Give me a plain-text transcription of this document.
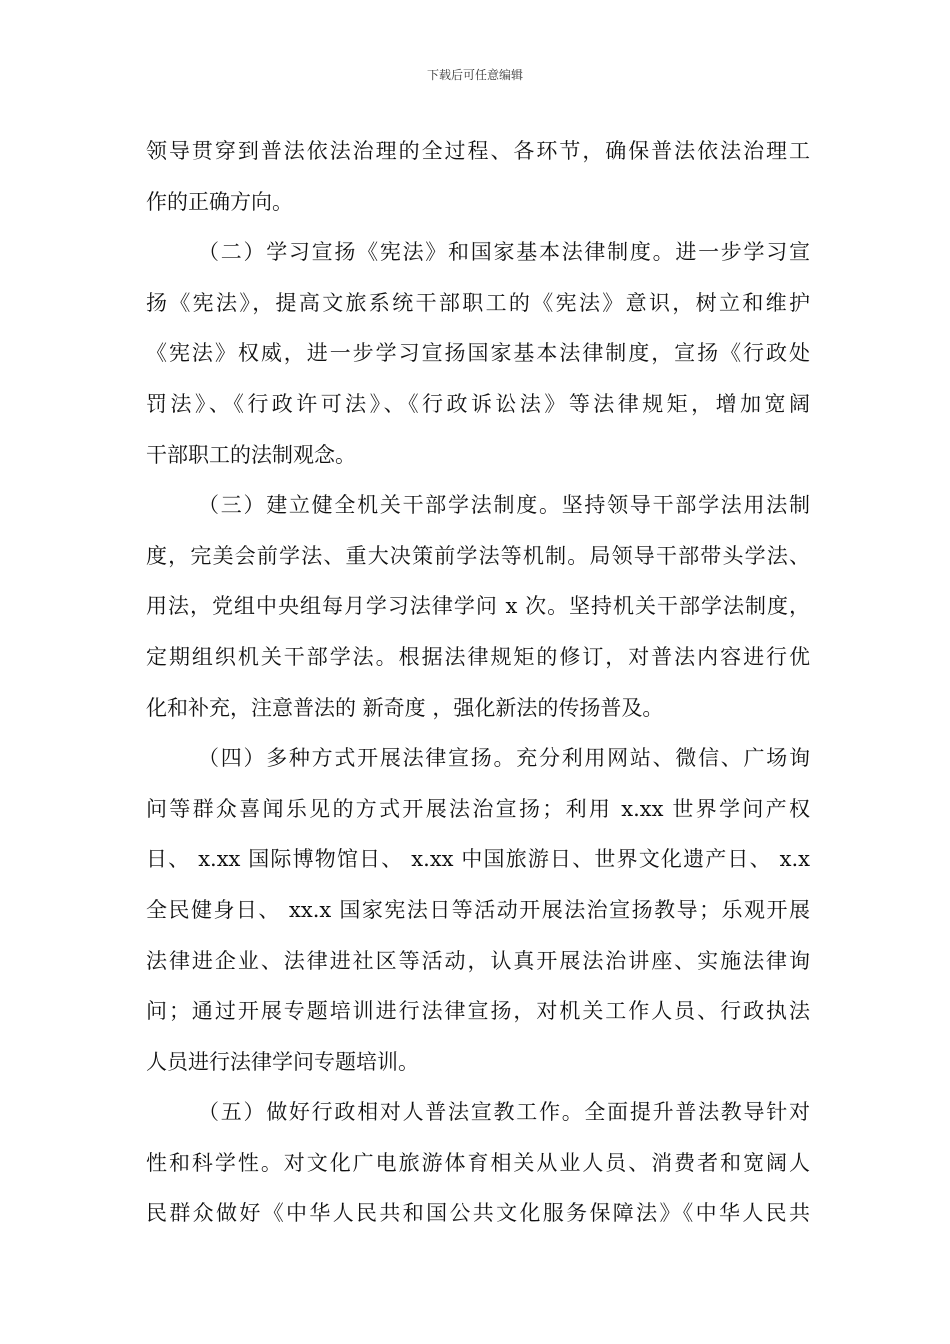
下载后可任意编辑
领导贯穿到普法依法治理的全过程、各环节，确保普法依法治理工
作的正确方向。
（二）学习宣扬《宪法》和国家基本法律制度。进一步学习宣
扬《宪法》，提高文旅系统干部职工的《宪法》意识，树立和维护
《宪法》权威，进一步学习宣扬国家基本法律制度，宣扬《行政处
罚法》、《行政许可法》、《行政诉讼法》等法律规矩，增加宽阔
干部职工的法制观念。
（三）建立健全机关干部学法制度。坚持领导干部学法用法制
度，完美会前学法、重大决策前学法等机制。局领导干部带头学法、
用法，党组中央组每月学习法律学问 x 次。坚持机关干部学法制度，
定期组织机关干部学法。根据法律规矩的修订，对普法内容进行优
化和补充，注意普法的 新奇度 ，强化新法的传扬普及。
（四）多种方式开展法律宣扬。充分利用网站、微信、广场询
问等群众喜闻乐见的方式开展法治宣扬；利用 x.xx 世界学问产权
日、 x.xx 国际博物馆日、 x.xx 中国旅游日、世界文化遗产日、 x.x
全民健身日、 xx.x 国家宪法日等活动开展法治宣扬教导；乐观开展
法律进企业、法律进社区等活动，认真开展法治讲座、实施法律询
问；通过开展专题培训进行法律宣扬，对机关工作人员、行政执法
人员进行法律学问专题培训。
（五）做好行政相对人普法宣教工作。全面提升普法教导针对
性和科学性。对文化广电旅游体育相关从业人员、消费者和宽阔人
民群众做好《中华人民共和国公共文化服务保障法》《中华人民共
